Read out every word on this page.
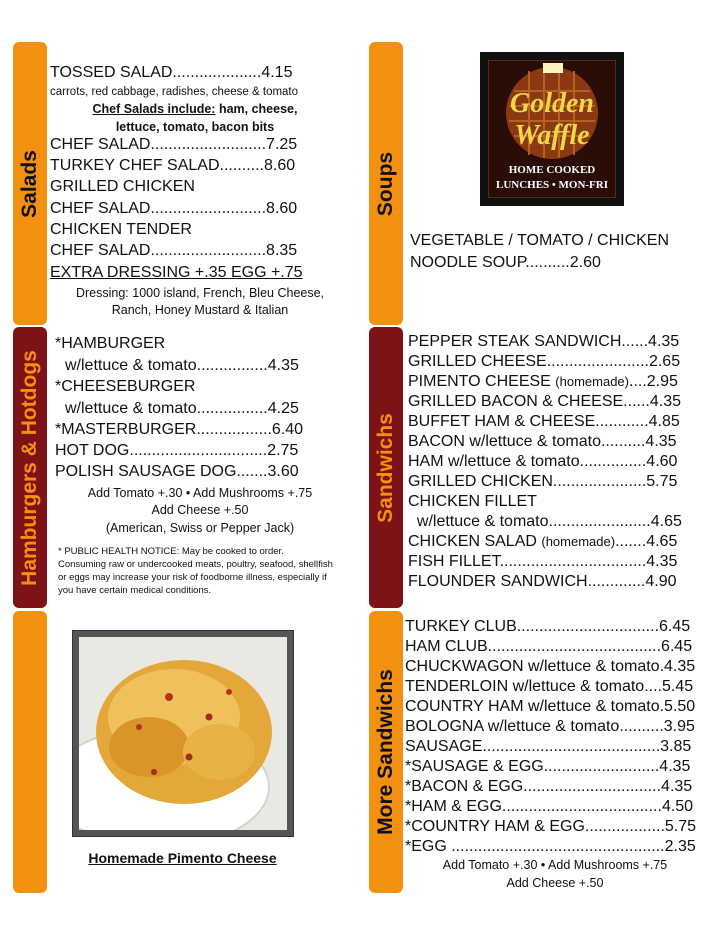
Salads
Hamburgers & Hotdogs
Soups
Sandwichs
More Sandwichs
TOSSED SALAD....................4.15
carrots, red cabbage, radishes, cheese & tomato
Chef Salads include: ham, cheese,
lettuce, tomato, bacon bits
CHEF SALAD..........................7.25
TURKEY CHEF SALAD..........8.60
GRILLED CHICKEN
CHEF SALAD..........................8.60
CHICKEN TENDER
CHEF SALAD..........................8.35
EXTRA DRESSING +.35 EGG +.75
Dressing: 1000 island, French, Bleu Cheese,
Ranch, Honey Mustard & Italian
*HAMBURGER
w/lettuce & tomato................4.35
*CHEESEBURGER
w/lettuce & tomato................4.25
*MASTERBURGER.................6.40
HOT DOG...............................2.75
POLISH SAUSAGE DOG.......3.60
Add Tomato +.30 • Add Mushrooms +.75
Add Cheese +.50
(American, Swiss or Pepper Jack)
* PUBLIC HEALTH NOTICE: May be cooked to order. Consuming raw or undercooked meats, poultry, seafood, shellfish or eggs may increase your risk of foodborne illness, especially if you have certain medical conditions.
Homemade Pimento Cheese
Golden
Waffle
HOME COOKED
LUNCHES • MON-FRI
VEGETABLE / TOMATO / CHICKEN
NOODLE SOUP..........2.60
PEPPER STEAK SANDWICH......4.35
GRILLED CHEESE.......................2.65
PIMENTO CHEESE (homemade)....2.95
GRILLED BACON & CHEESE......4.35
BUFFET HAM & CHEESE............4.85
BACON w/lettuce & tomato..........4.35
HAM w/lettuce & tomato...............4.60
GRILLED CHICKEN.....................5.75
CHICKEN FILLET
w/lettuce & tomato.......................4.65
CHICKEN SALAD (homemade).......4.65
FISH FILLET.................................4.35
FLOUNDER SANDWICH.............4.90
TURKEY CLUB................................6.45
HAM CLUB.......................................6.45
CHUCKWAGON w/lettuce & tomato.4.35
TENDERLOIN w/lettuce & tomato....5.45
COUNTRY HAM w/lettuce & tomato.5.50
BOLOGNA w/lettuce & tomato..........3.95
SAUSAGE........................................3.85
*SAUSAGE & EGG..........................4.35
*BACON & EGG...............................4.35
*HAM & EGG....................................4.50
*COUNTRY HAM & EGG..................5.75
*EGG ................................................2.35
Add Tomato +.30 • Add Mushrooms +.75
Add Cheese +.50
